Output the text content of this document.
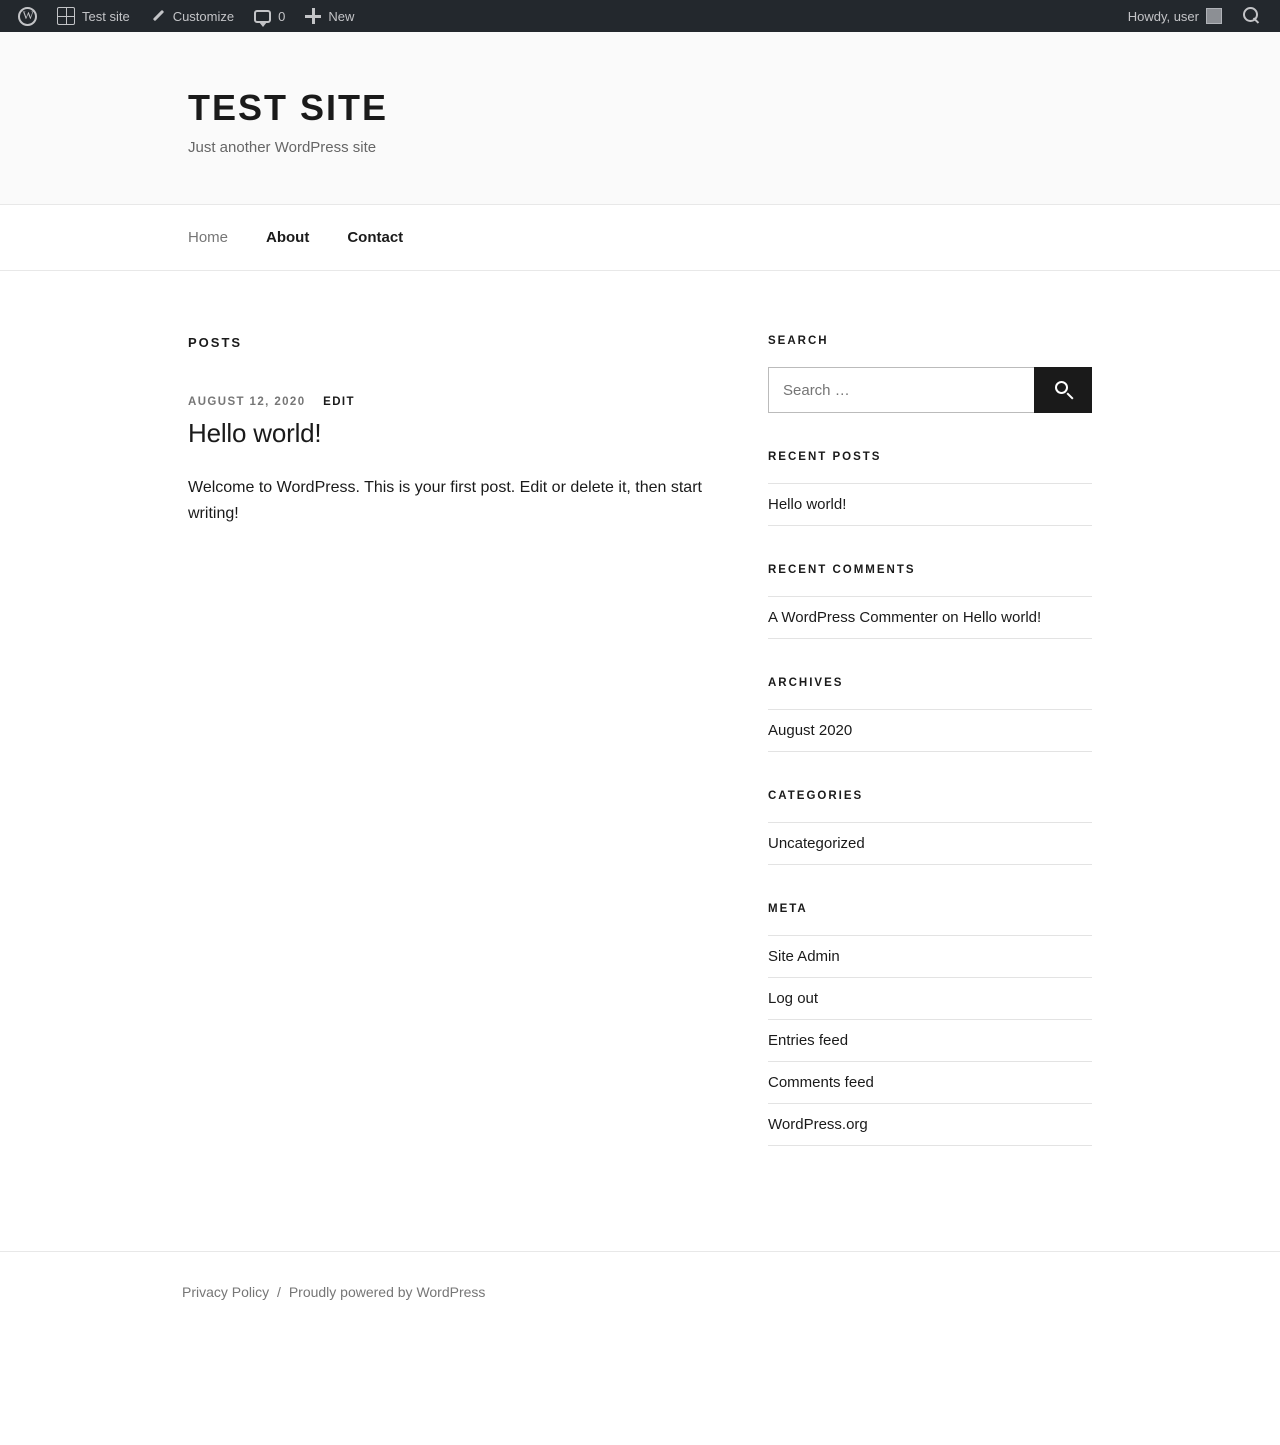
W
Test site	Customize	0	New	Howdy, user
TEST SITE

Just another WordPress site

Home	About	Contact
POSTS
AUGUST 12, 2020 EDIT
Hello world!

Welcome to WordPress. This is your first post. Edit or delete it, then start writing!

SEARCH
Search …
RECENT POSTS
Hello world!
RECENT COMMENTS
A WordPress Commenter on Hello world!
ARCHIVES
August 2020
CATEGORIES
Uncategorized
META
Site Admin
Log out
Entries feed
Comments feed
WordPress.org
Privacy Policy / Proudly powered by WordPress
